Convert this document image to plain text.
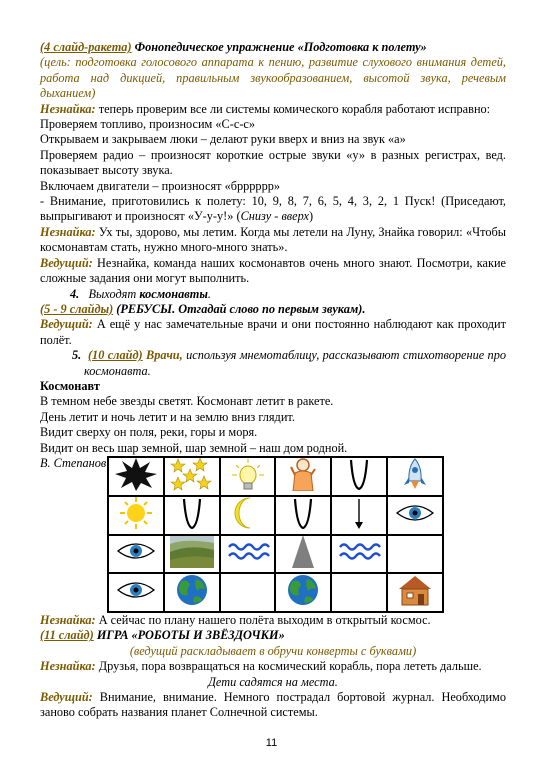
(4 слайд-ракета) Фонопедическое упражнение «Подготовка к полету»

(цель: подготовка голосового аппарата к пению, развитие слухового внимания детей, работа над дикцией, правильным звукообразованием, высотой звука, речевым дыханием)

Незнайка: теперь проверим все ли системы комического корабля работают исправно:

Проверяем топливо, произносим «С-с-с»

Открываем и закрываем люки – делают руки вверх и вниз на звук «а»

Проверяем радио – произносят короткие острые звуки «у» в разных регистрах, вед. показывает высоту звука.

Включаем двигатели – произносят «брррррр»

- Внимание, приготовились к полету: 10, 9, 8, 7, 6, 5, 4, 3, 2, 1 Пуск! (Приседают, выпрыгивают и произносят «У-у-у!» (Снизу - вверх)

Незнайка: Ух ты, здорово, мы летим. Когда мы летели на Луну, Знайка говорил: «Чтобы космонавтам стать, нужно много-много знать».

Ведущий: Незнайка, команда наших космонавтов очень много знают. Посмотри, какие сложные задания они могут выполнить.

4. Выходят космонавты.

(5 - 9 слайды) (РЕБУСЫ. Отгадай слово по первым звукам).

Ведущий: А ещё у нас замечательные врачи и они постоянно наблюдают как проходит полёт.

5. (10 слайд) Врачи, используя мнемотаблицу, рассказывают стихотворение про космонавта.

Космонавт

В темном небе звезды светят. Космонавт летит в ракете.

День летит и ночь летит и на землю вниз глядит.

Видит сверху он поля, реки, горы и моря.

Видит он весь шар земной, шар земной – наш дом родной.

В. Степанов

Незнайка: А сейчас по плану нашего полёта выходим в открытый космос.

(11 слайд) ИГРА «РОБОТЫ И ЗВЁЗДОЧКИ»

(ведущий раскладывает в обручи конверты с буквами)

Незнайка: Друзья, пора возвращаться на космический корабль, пора лететь дальше.

Дети садятся на места.

Ведущий: Внимание, внимание. Немного пострадал бортовой журнал. Необходимо заново собрать названия планет Солнечной системы.

11
